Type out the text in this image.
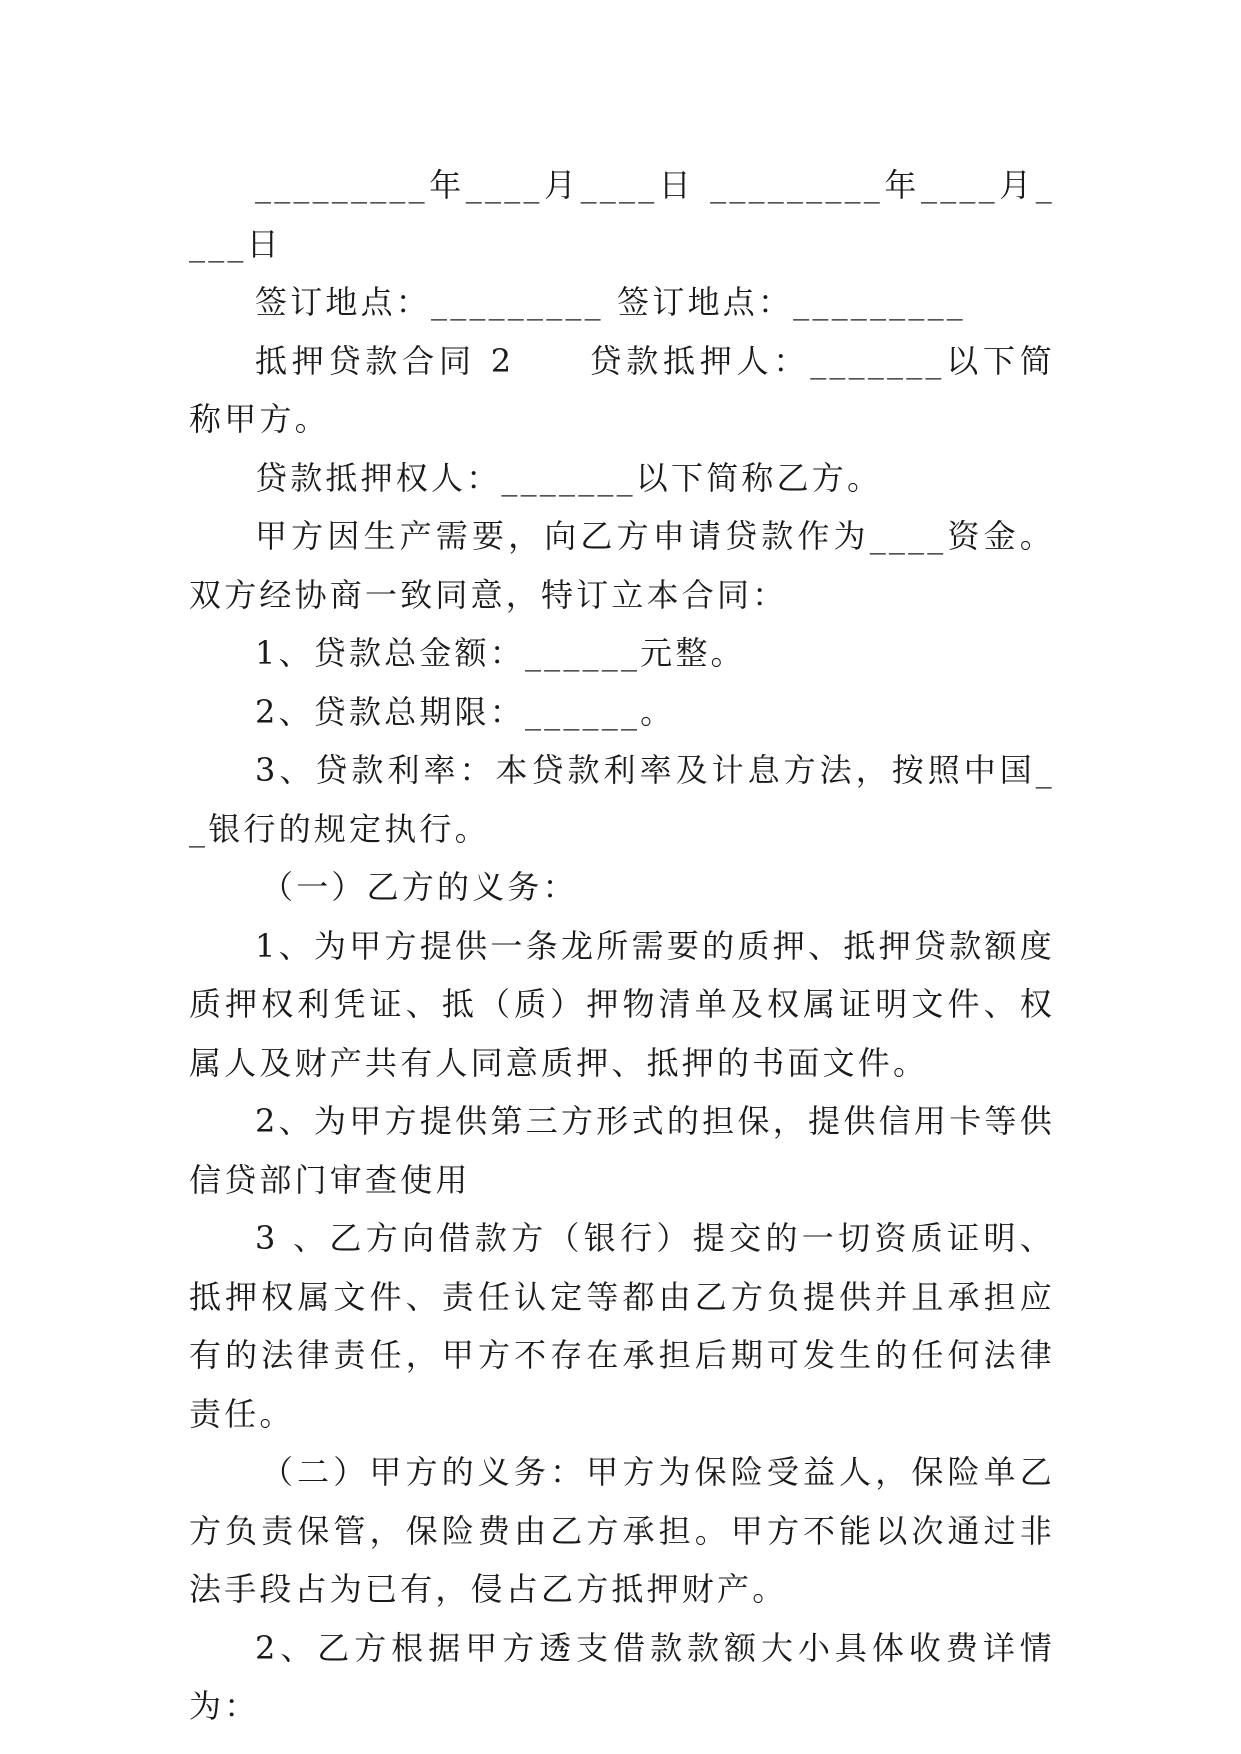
_________年____月____日 _________年____月____日

签订地点：_________ 签订地点：_________

抵押贷款合同 2　　贷款抵押人：_______以下简称甲方。

贷款抵押权人：_______以下简称乙方。

甲方因生产需要，向乙方申请贷款作为____资金。双方经协商一致同意，特订立本合同：

1、贷款总金额：______元整。

2、贷款总期限：______。

3、贷款利率：本贷款利率及计息方法，按照中国__银行的规定执行。

（一）乙方的义务：

1、为甲方提供一条龙所需要的质押、抵押贷款额度质押权利凭证、抵（质）押物清单及权属证明文件、权属人及财产共有人同意质押、抵押的书面文件。

2、为甲方提供第三方形式的担保，提供信用卡等供信贷部门审查使用

3 、乙方向借款方（银行）提交的一切资质证明、抵押权属文件、责任认定等都由乙方负提供并且承担应有的法律责任，甲方不存在承担后期可发生的任何法律责任。

（二）甲方的义务：甲方为保险受益人，保险单乙方负责保管，保险费由乙方承担。甲方不能以次通过非法手段占为已有，侵占乙方抵押财产。

2、乙方根据甲方透支借款款额大小具体收费详情为：
